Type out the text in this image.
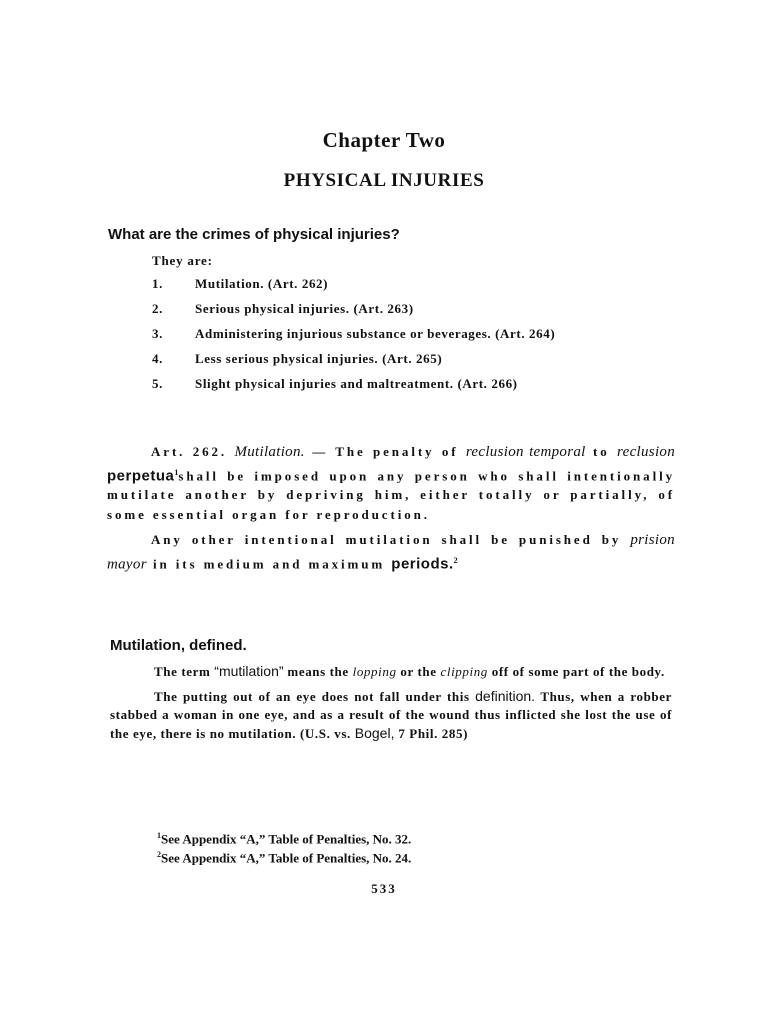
Chapter Two
PHYSICAL INJURIES
What are the crimes of physical injuries?
They are:
1. Mutilation. (Art. 262)
2. Serious physical injuries. (Art. 263)
3. Administering injurious substance or beverages. (Art. 264)
4. Less serious physical injuries. (Art. 265)
5. Slight physical injuries and maltreatment. (Art. 266)

Art. 262. Mutilation. — The penalty of reclusion temporal to reclusion perpetua$^1$shall be imposed upon any person who shall intentionally mutilate another by depriving him, either totally or partially, of some essential organ for reproduction.

Any other intentional mutilation shall be punished by prision mayor in its medium and maximum periods.$^2$

Mutilation, defined.

The term “mutilation” means the lopping or the clipping off of some part of the body.

The putting out of an eye does not fall under this definition. Thus, when a robber stabbed a woman in one eye, and as a result of the wound thus inflicted she lost the use of the eye, there is no mutilation. (U.S. vs. Bogel, 7 Phil. 285)

$^1$See Appendix “A,” Table of Penalties, No. 32.
$^2$See Appendix “A,” Table of Penalties, No. 24.
533
